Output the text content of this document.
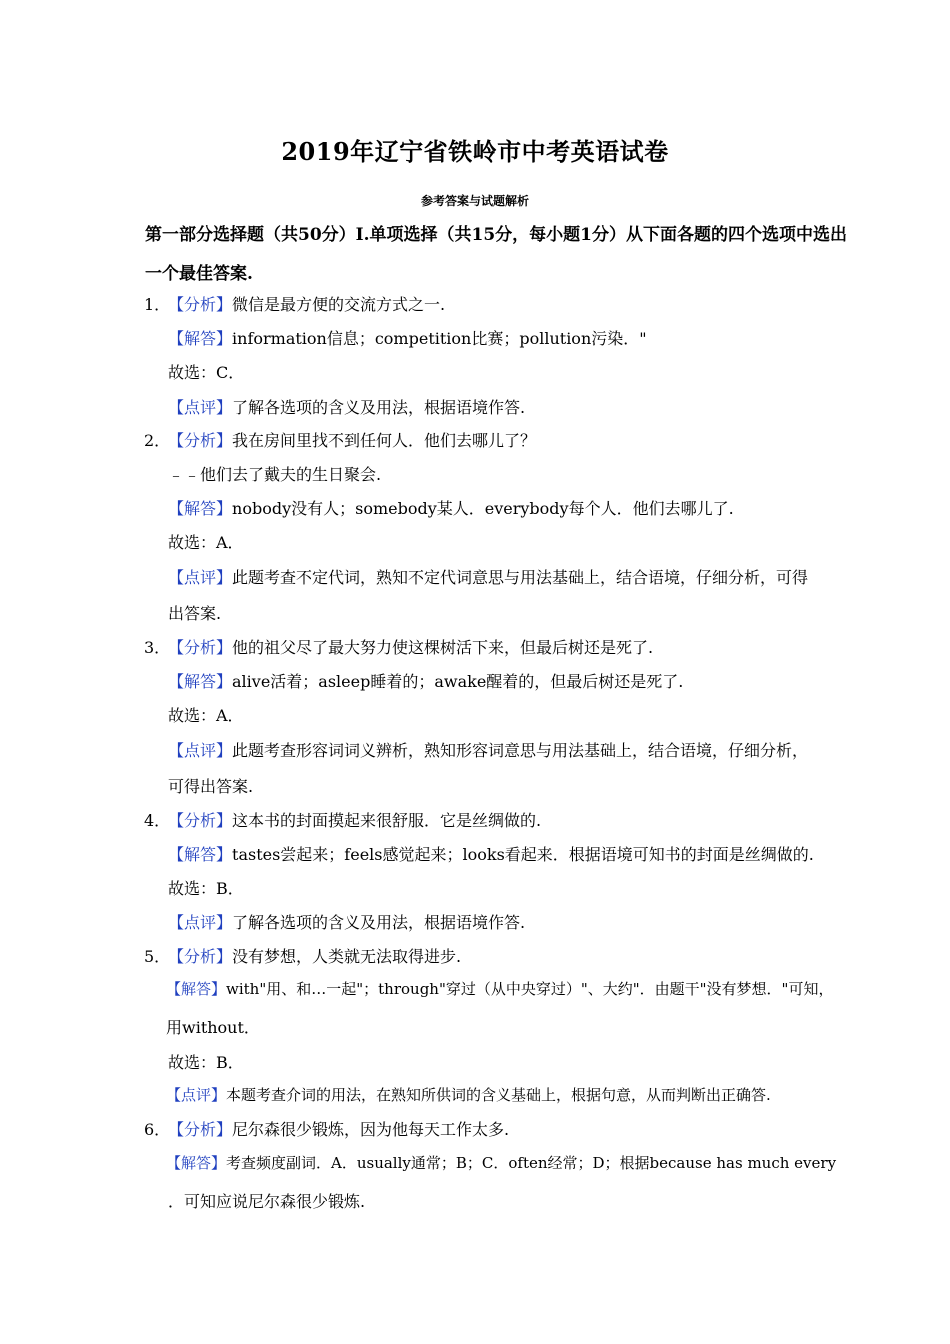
2019年辽宁省铁岭市中考英语试卷
参考答案与试题解析
第一部分选择题（共50分）I.单项选择（共15分，每小题1分）从下面各题的四个选项中选出
一个最佳答案.
1．
【分析】微信是最方便的交流方式之一.
【解答】information信息；competition比赛；pollution污染．"
故选：C．
【点评】了解各选项的含义及用法，根据语境作答.
2．
【分析】我在房间里找不到任何人．他们去哪儿了？
﹣﹣他们去了戴夫的生日聚会.
【解答】nobody没有人；somebody某人．everybody每个人．他们去哪儿了.
故选：A．
【点评】此题考查不定代词，熟知不定代词意思与用法基础上，结合语境，仔细分析，可得
出答案.
3．
【分析】他的祖父尽了最大努力使这棵树活下来，但最后树还是死了.
【解答】alive活着；asleep睡着的；awake醒着的，但最后树还是死了.
故选：A．
【点评】此题考查形容词词义辨析，熟知形容词意思与用法基础上，结合语境，仔细分析，
可得出答案.
4．
【分析】这本书的封面摸起来很舒服．它是丝绸做的.
【解答】tastes尝起来；feels感觉起来；looks看起来．根据语境可知书的封面是丝绸做的.
故选：B．
【点评】了解各选项的含义及用法，根据语境作答.
5．
【分析】没有梦想，人类就无法取得进步.
【解答】with"用、和…一起"；through"穿过（从中央穿过）"、大约"．由题干"没有梦想．"可知，
用without．
故选：B．
【点评】本题考查介词的用法，在熟知所供词的含义基础上，根据句意，从而判断出正确答.
6．
【分析】尼尔森很少锻炼，因为他每天工作太多.
【解答】考查频度副词．A．usually通常；B；C．often经常；D；根据because has much every
．可知应说尼尔森很少锻炼.
